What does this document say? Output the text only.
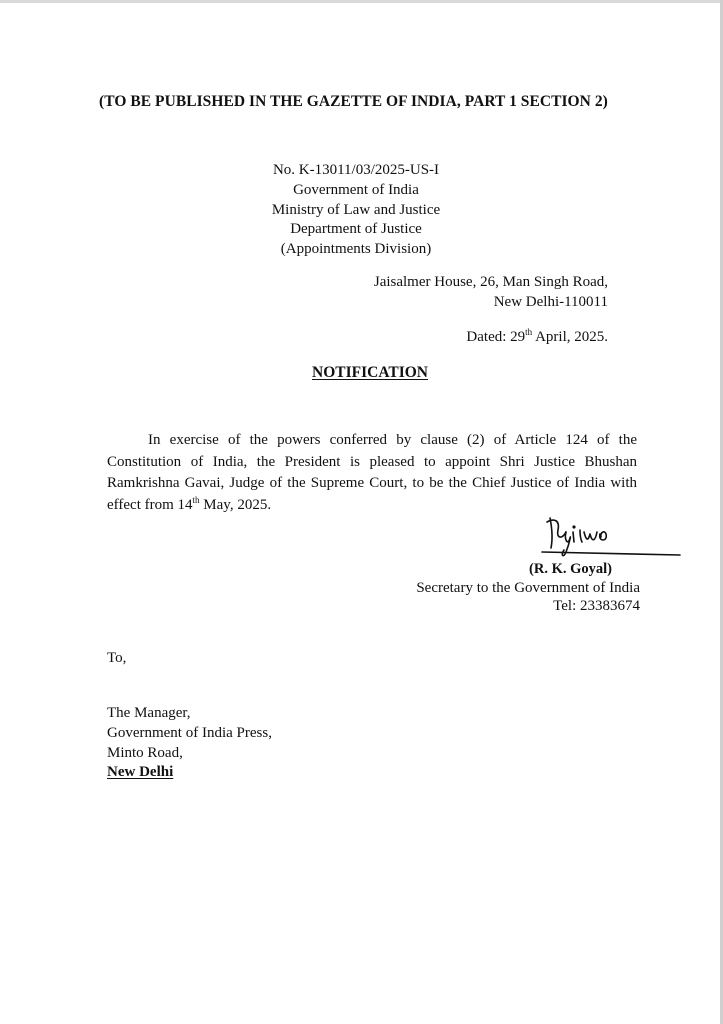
(TO BE PUBLISHED IN THE GAZETTE OF INDIA, PART 1 SECTION 2)
No. K-13011/03/2025-US-I
Government of India
Ministry of Law and Justice
Department of Justice
(Appointments Division)
Jaisalmer House, 26, Man Singh Road,
New Delhi-110011
Dated: 29th April, 2025.
NOTIFICATION
In exercise of the powers conferred by clause (2) of Article 124 of the Constitution of India, the President is pleased to appoint Shri Justice Bhushan Ramkrishna Gavai, Judge of the Supreme Court, to be the Chief Justice of India with effect from 14th May, 2025.
(R. K. Goyal)
Secretary to the Government of India
Tel: 23383674
To,
The Manager,
Government of India Press,
Minto Road,
New Delhi
